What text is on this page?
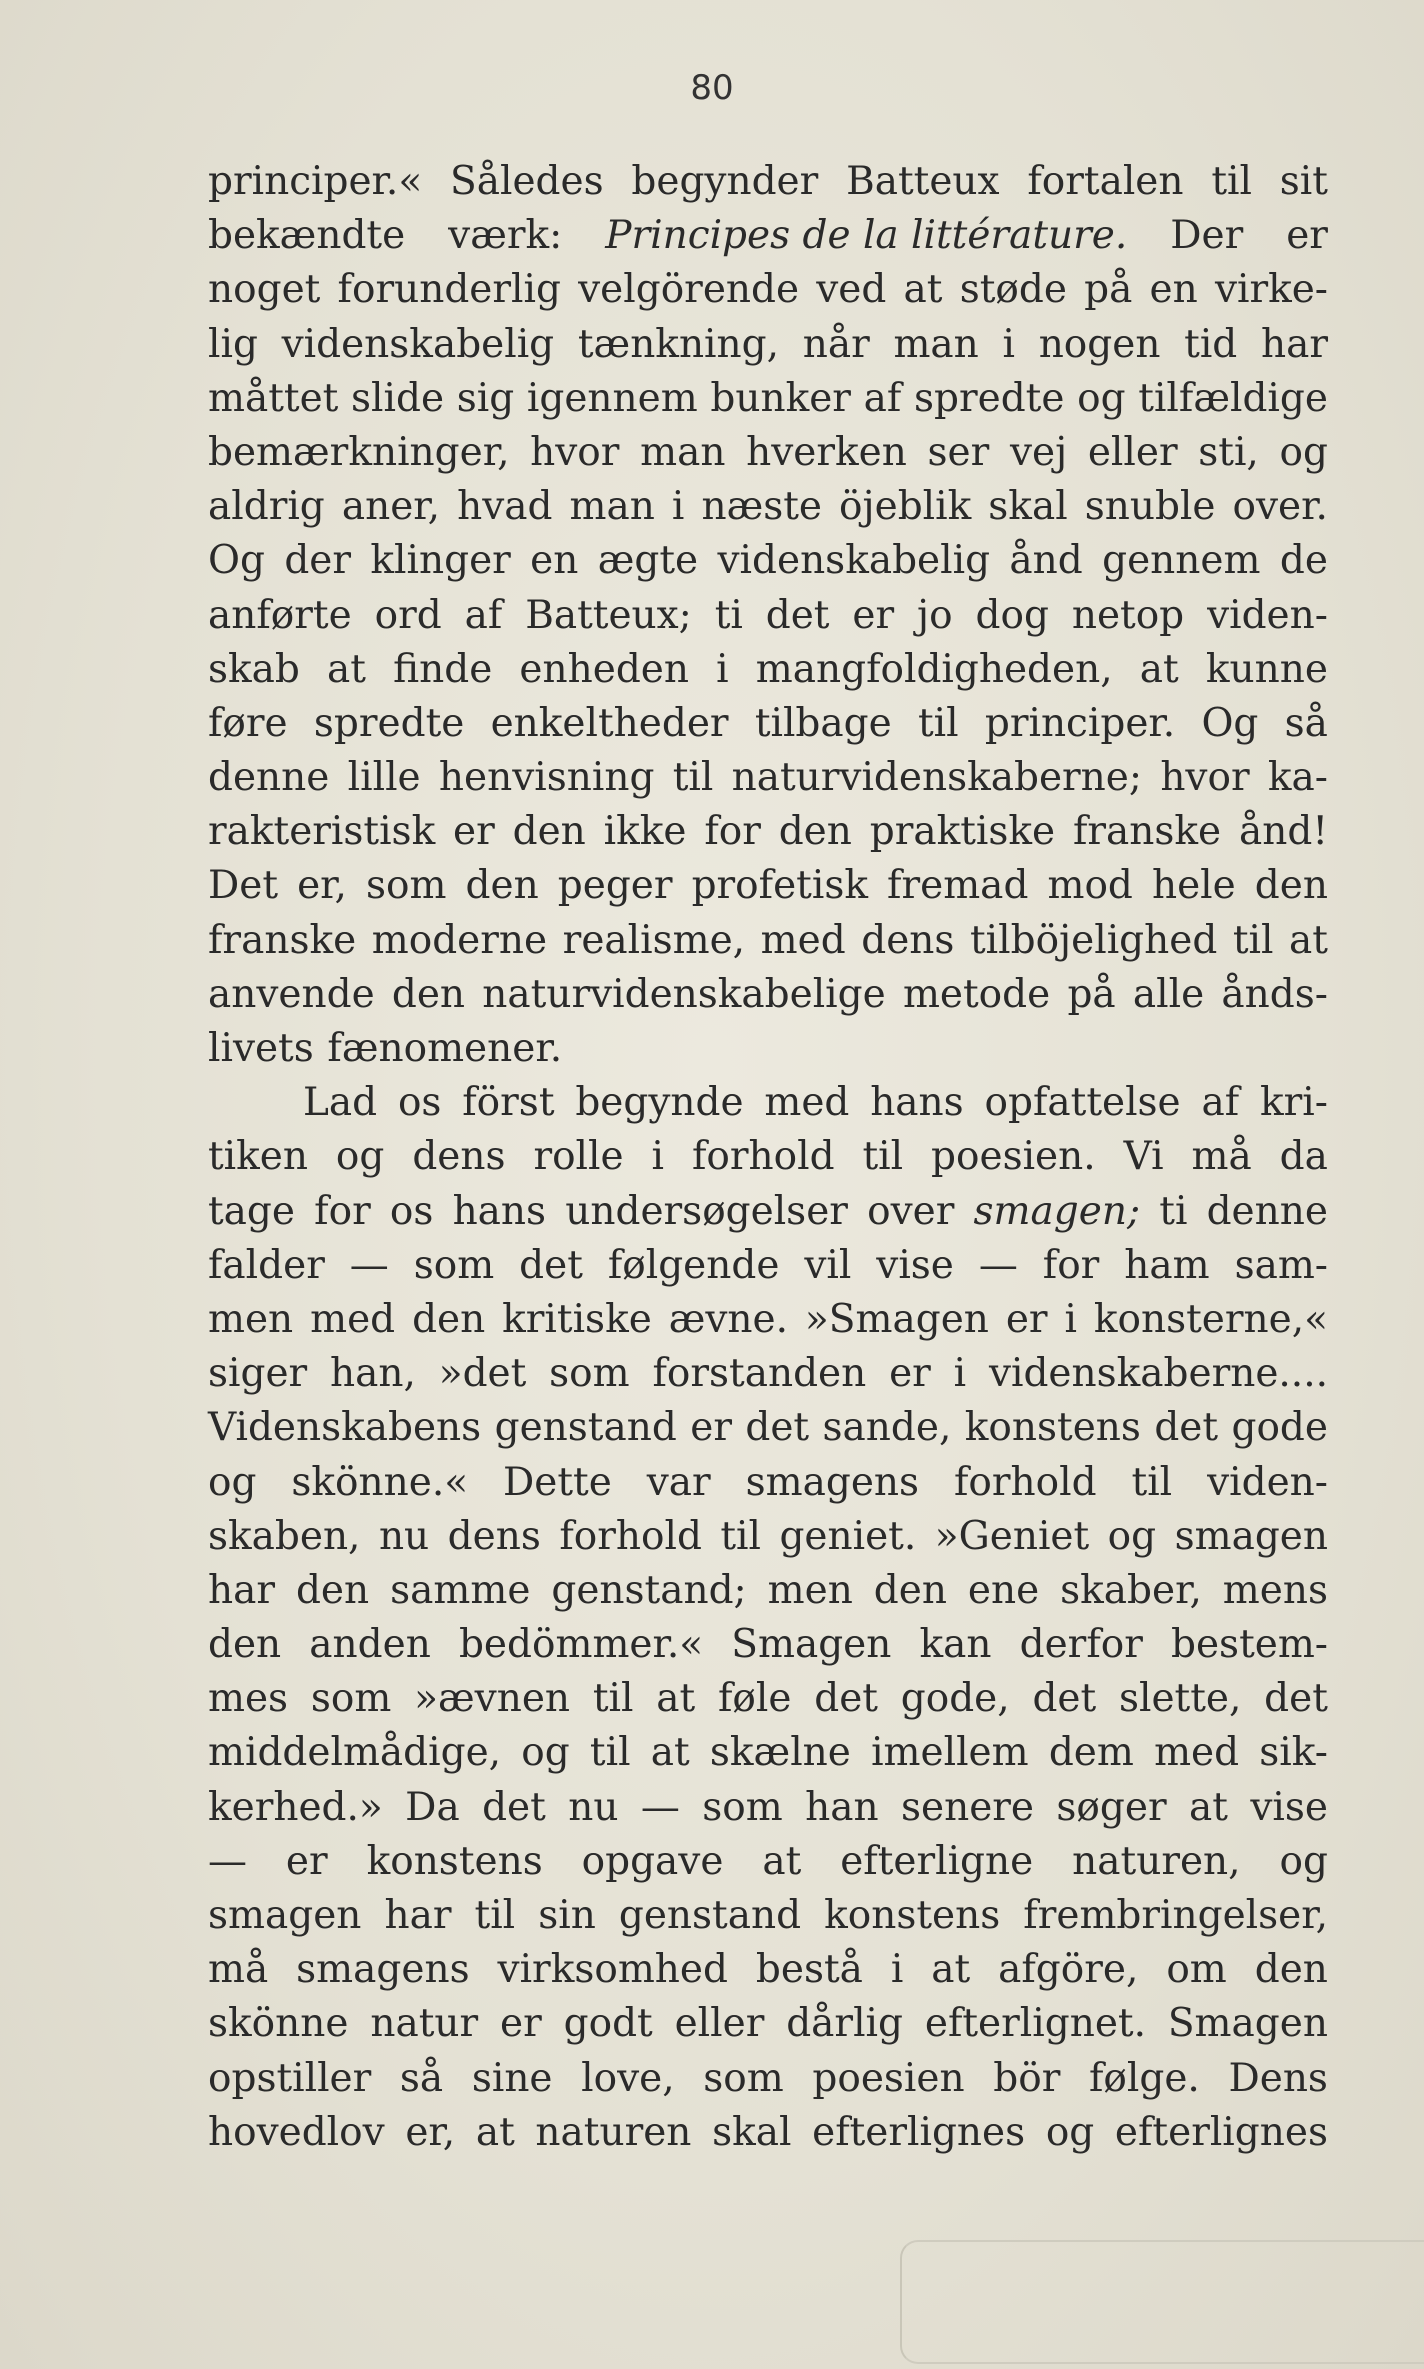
80
principer.« Således begynder Batteux fortalen til sit
bekændte værk: Principes de la littérature. Der er
noget forunderlig velgörende ved at støde på en virke-
lig videnskabelig tænkning, når man i nogen tid har
måttet slide sig igennem bunker af spredte og tilfældige
bemærkninger, hvor man hverken ser vej eller sti, og
aldrig aner, hvad man i næste öjeblik skal snuble over.
Og der klinger en ægte videnskabelig ånd gennem de
anførte ord af Batteux; ti det er jo dog netop viden-
skab at finde enheden i mangfoldigheden, at kunne
føre spredte enkeltheder tilbage til principer. Og så
denne lille henvisning til naturvidenskaberne; hvor ka-
rakteristisk er den ikke for den praktiske franske ånd!
Det er, som den peger profetisk fremad mod hele den
franske moderne realisme, med dens tilböjelighed til at
anvende den naturvidenskabelige metode på alle ånds-
livets fænomener.
Lad os först begynde med hans opfattelse af kri-
tiken og dens rolle i forhold til poesien. Vi må da
tage for os hans undersøgelser over smagen; ti denne
falder — som det følgende vil vise — for ham sam-
men med den kritiske ævne. »Smagen er i konsterne,«
siger han, »det som forstanden er i videnskaberne....
Videnskabens genstand er det sande, konstens det gode
og skönne.« Dette var smagens forhold til viden-
skaben, nu dens forhold til geniet. »Geniet og smagen
har den samme genstand; men den ene skaber, mens
den anden bedömmer.« Smagen kan derfor bestem-
mes som »ævnen til at føle det gode, det slette, det
middelmådige, og til at skælne imellem dem med sik-
kerhed.» Da det nu — som han senere søger at vise
— er konstens opgave at efterligne naturen, og
smagen har til sin genstand konstens frembringelser,
må smagens virksomhed bestå i at afgöre, om den
skönne natur er godt eller dårlig efterlignet. Smagen
opstiller så sine love, som poesien bör følge. Dens
hovedlov er, at naturen skal efterlignes og efterlignes
